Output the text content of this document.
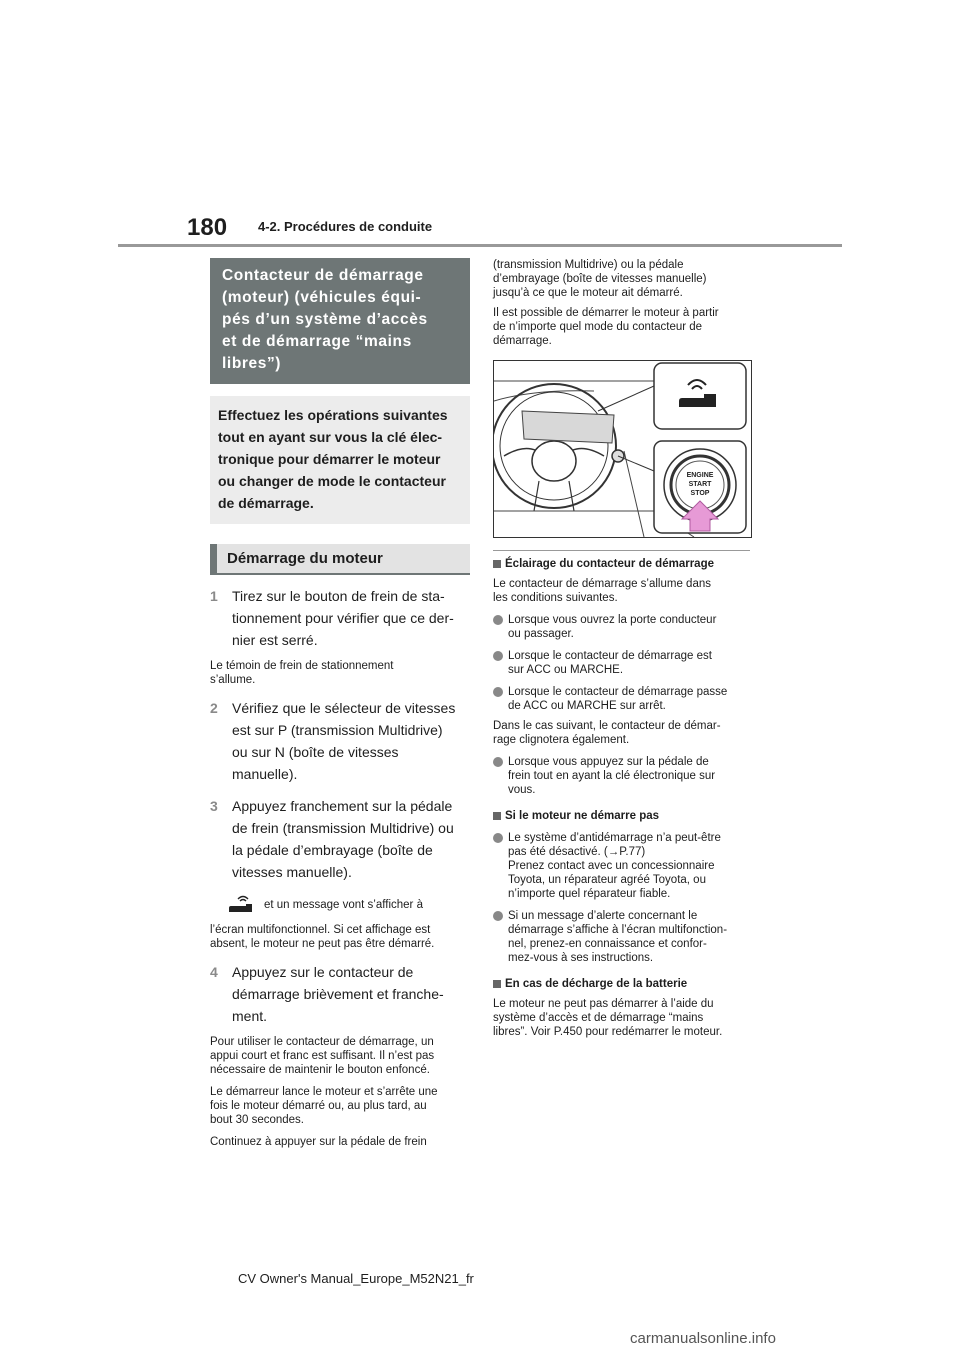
180 4-2. Procédures de conduite
Contacteur de démarrage
(moteur) (véhicules équi-
pés d’un système d’accès
et de démarrage “mains
libres”)
Effectuez les opérations suivantes
tout en ayant sur vous la clé élec-
tronique pour démarrer le moteur
ou changer de mode le contacteur
de démarrage.
Démarrage du moteur
1	Tirez sur le bouton de frein de sta-
tionnement pour vérifier que ce der-
nier est serré.
Le témoin de frein de stationnement
s’allume.
2	Vérifiez que le sélecteur de vitesses
est sur P (transmission Multidrive)
ou sur N (boîte de vitesses
manuelle).
3	Appuyez franchement sur la pédale
de frein (transmission Multidrive) ou
la pédale d’embrayage (boîte de
vitesses manuelle).
et un message vont s’afficher à
l’écran multifonctionnel. Si cet affichage est
absent, le moteur ne peut pas être démarré.
4	Appuyez sur le contacteur de
démarrage brièvement et franche-
ment.
Pour utiliser le contacteur de démarrage, un
appui court et franc est suffisant. Il n’est pas
nécessaire de maintenir le bouton enfoncé.
Le démarreur lance le moteur et s’arrête une
fois le moteur démarré ou, au plus tard, au
bout 30 secondes.
Continuez à appuyer sur la pédale de frein
(transmission Multidrive) ou la pédale
d’embrayage (boîte de vitesses manuelle)
jusqu’à ce que le moteur ait démarré.
Il est possible de démarrer le moteur à partir
de n’importe quel mode du contacteur de
démarrage.
ENGINE
START
STOP
Éclairage du contacteur de démarrage
Le contacteur de démarrage s’allume dans
les conditions suivantes.
Lorsque vous ouvrez la porte conducteur
ou passager.
Lorsque le contacteur de démarrage est
sur ACC ou MARCHE.
Lorsque le contacteur de démarrage passe
de ACC ou MARCHE sur arrêt.
Dans le cas suivant, le contacteur de démar-
rage clignotera également.
Lorsque vous appuyez sur la pédale de
frein tout en ayant la clé électronique sur
vous.
Si le moteur ne démarre pas
Le système d’antidémarrage n’a peut-être
pas été désactivé. (→P.77)
Prenez contact avec un concessionnaire
Toyota, un réparateur agréé Toyota, ou
n’importe quel réparateur fiable.
Si un message d’alerte concernant le
démarrage s’affiche à l’écran multifonction-
nel, prenez-en connaissance et confor-
mez-vous à ses instructions.
En cas de décharge de la batterie
Le moteur ne peut pas démarrer à l’aide du
système d’accès et de démarrage “mains
libres”. Voir P.450 pour redémarrer le moteur.
CV Owner's Manual_Europe_M52N21_fr
carmanualsonline.info
